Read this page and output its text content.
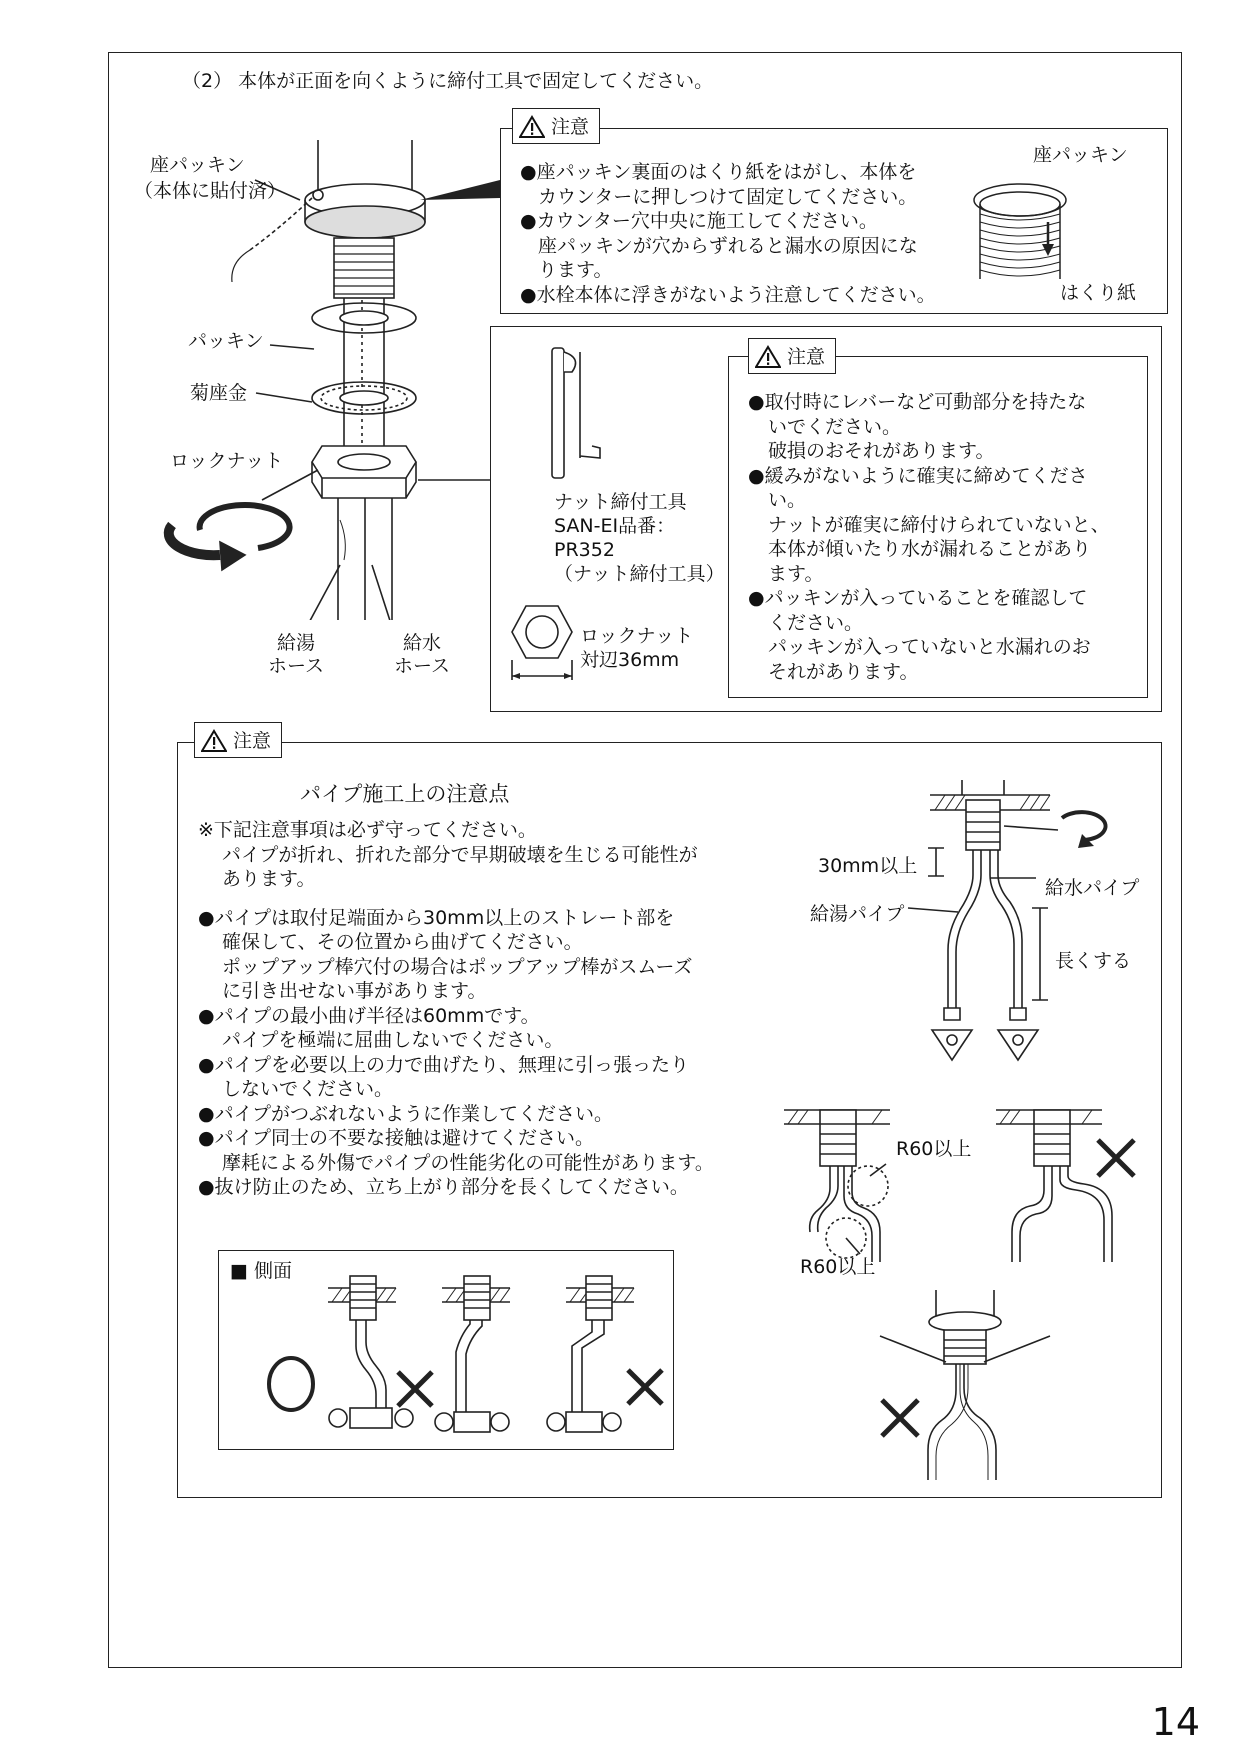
（2） 本体が正面を向くように締付工具で固定してください。
座パッキン
（本体に貼付済）
パッキン
菊座金
ロックナット
給湯
ホース
給水
ホース
注意
●座パッキン裏面のはくり紙をはがし、本体を
カウンターに押しつけて固定してください。
●カウンター穴中央に施工してください。
座パッキンが穴からずれると漏水の原因にな
ります。
●水栓本体に浮きがないよう注意してください。
座パッキン
はくり紙
ナット締付工具
SAN-EI品番：
PR352
（ナット締付工具）
ロックナット
対辺36mm
注意
●取付時にレバーなど可動部分を持たな
いでください。
破損のおそれがあります。
●緩みがないように確実に締めてくださ
い。
ナットが確実に締付けられていないと、
本体が傾いたり水が漏れることがあり
ます。
●パッキンが入っていることを確認して
ください。
パッキンが入っていないと水漏れのお
それがあります。
注意
パイプ施工上の注意点
※下記注意事項は必ず守ってください。
パイプが折れ、折れた部分で早期破壊を生じる可能性が
あります。
●パイプは取付足端面から30mm以上のストレート部を
確保して、その位置から曲げてください。
ポップアップ棒穴付の場合はポップアップ棒がスムーズ
に引き出せない事があります。
●パイプの最小曲げ半径は60mmです。
パイプを極端に屈曲しないでください。
●パイプを必要以上の力で曲げたり、無理に引っ張ったり
しないでください。
●パイプがつぶれないように作業してください。
●パイプ同士の不要な接触は避けてください。
摩耗による外傷でパイプの性能劣化の可能性があります。
●抜け防止のため、立ち上がり部分を長くしてください。
■ 側面
30mm以上
給水パイプ
給湯パイプ
長くする
R60以上
R60以上
14
